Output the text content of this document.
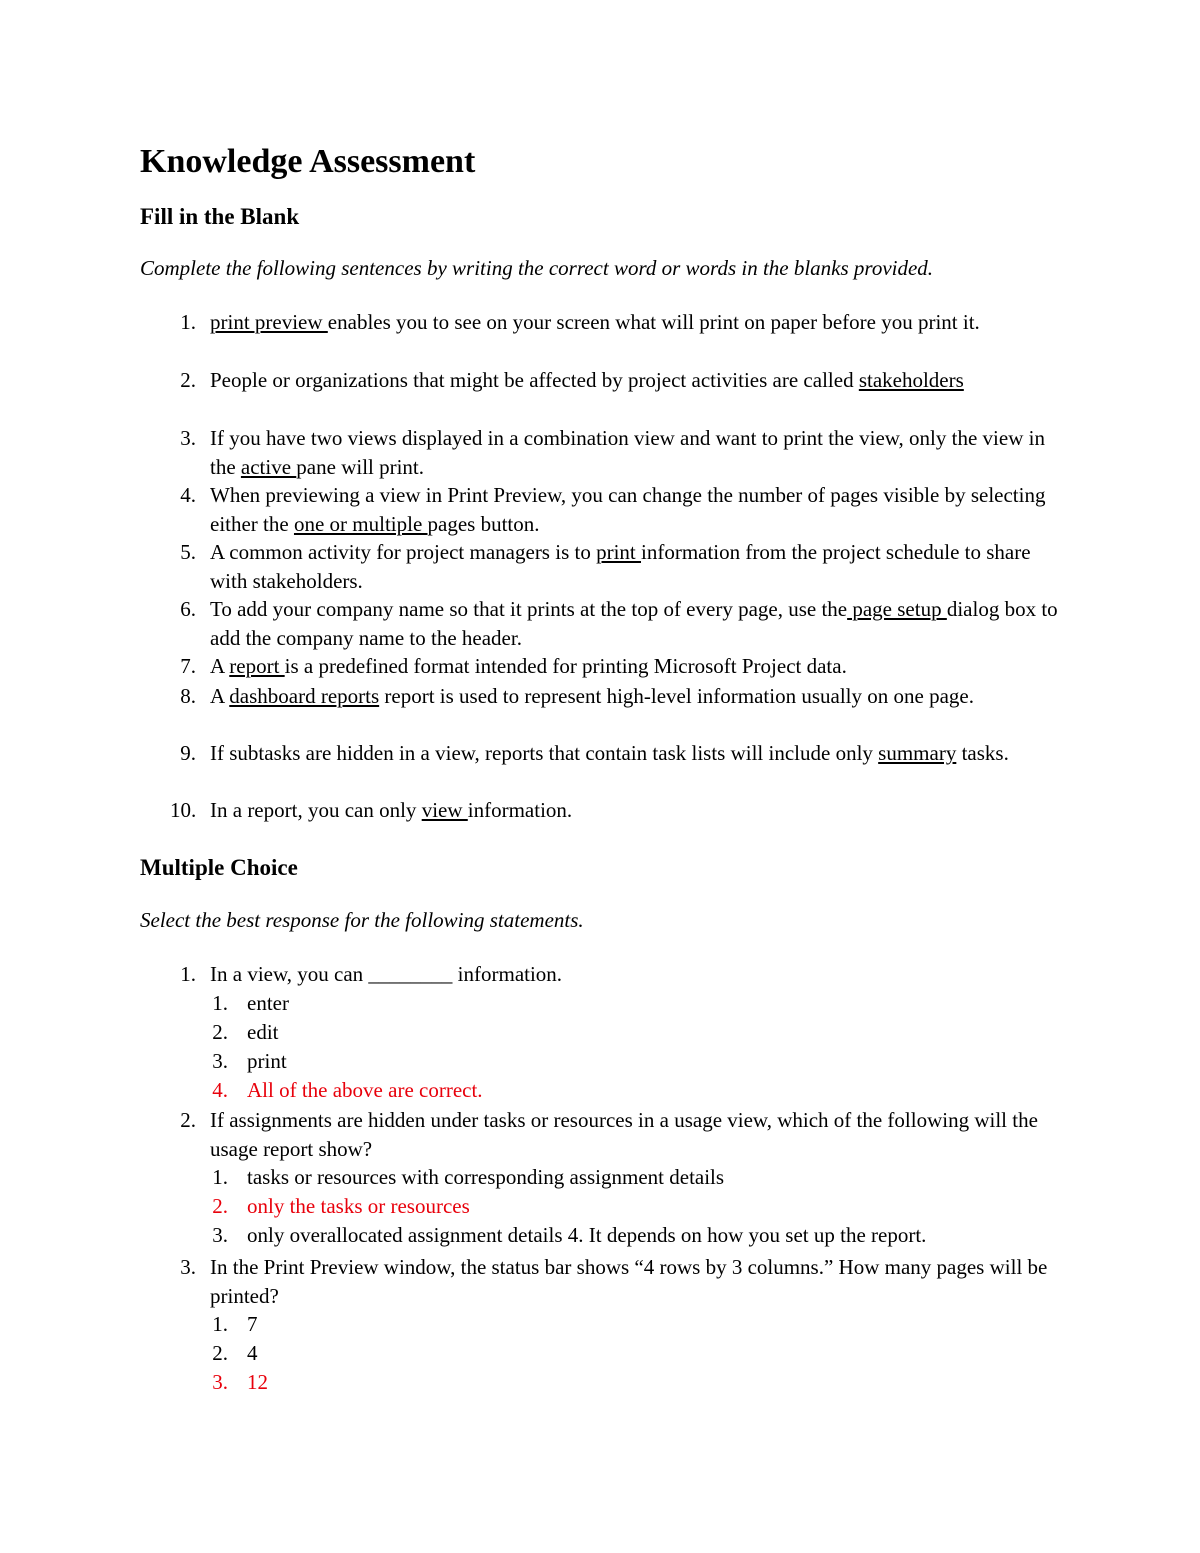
Knowledge Assessment
Fill in the Blank

Complete the following sentences by writing the correct word or words in the blanks provided.

1. print preview enables you to see on your screen what will print on paper before you print it.
2. People or organizations that might be affected by project activities are called stakeholders
3. If you have two views displayed in a combination view and want to print the view, only the view in the active pane will print.
4. When previewing a view in Print Preview, you can change the number of pages visible by selecting either the one or multiple pages button.
5. A common activity for project managers is to print information from the project schedule to share with stakeholders.
6. To add your company name so that it prints at the top of every page, use the page setup dialog box to add the company name to the header.
7. A report is a predefined format intended for printing Microsoft Project data.
8. A dashboard reports report is used to represent high-level information usually on one page.
9. If subtasks are hidden in a view, reports that contain task lists will include only summary tasks.
10. In a report, you can only view information.
Multiple Choice

Select the best response for the following statements.

1. In a view, you can ________ information.
1. enter
2. edit
3. print
4. All of the above are correct.
2. If assignments are hidden under tasks or resources in a usage view, which of the following will the usage report show?
1. tasks or resources with corresponding assignment details
2. only the tasks or resources
3. only overallocated assignment details 4. It depends on how you set up the report.
3. In the Print Preview window, the status bar shows “4 rows by 3 columns.” How many pages will be printed?
1. 7
2. 4
3. 12
